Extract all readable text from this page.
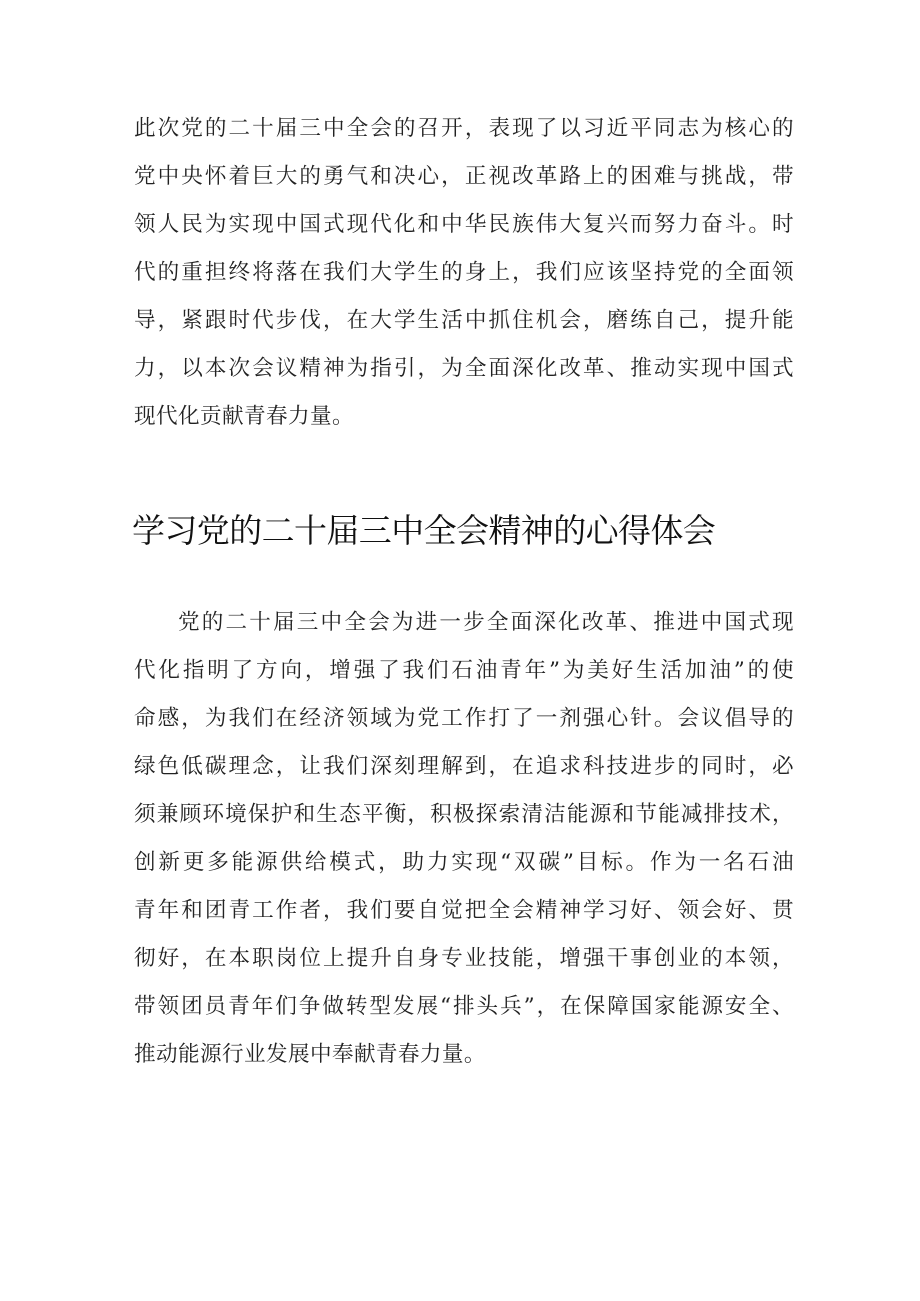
此次党的二十届三中全会的召开，表现了以习近平同志为核心的

党中央怀着巨大的勇气和决心，正视改革路上的困难与挑战，带

领人民为实现中国式现代化和中华民族伟大复兴而努力奋斗。时

代的重担终将落在我们大学生的身上，我们应该坚持党的全面领

导，紧跟时代步伐，在大学生活中抓住机会，磨练自己，提升能

力，以本次会议精神为指引，为全面深化改革、推动实现中国式

现代化贡献青春力量。

学习党的二十届三中全会精神的心得体会

党的二十届三中全会为进一步全面深化改革、推进中国式现

代化指明了方向，增强了我们石油青年”为美好生活加油”的使

命感，为我们在经济领域为党工作打了一剂强心针。会议倡导的

绿色低碳理念，让我们深刻理解到，在追求科技进步的同时，必

须兼顾环境保护和生态平衡，积极探索清洁能源和节能减排技术，

创新更多能源供给模式，助力实现“双碳”目标。作为一名石油

青年和团青工作者，我们要自觉把全会精神学习好、领会好、贯

彻好，在本职岗位上提升自身专业技能，增强干事创业的本领，

带领团员青年们争做转型发展“排头兵”，在保障国家能源安全、

推动能源行业发展中奉献青春力量。
